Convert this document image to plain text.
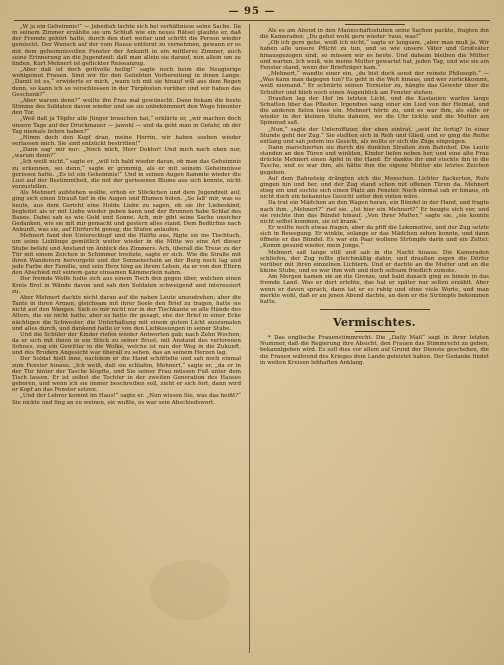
— 95 —

„W ja ein Geheimnis!“ — Jebediah lachte sich bei verhältnisse seine Sache. Da in seinem Zimmer erzählte sie um Schluß wie ein neues Rätsel glaubte er, daß der Fremde gehört hatte, durch den dort weiter und schritt die Person wieder gemischt. Der Wunsch auf der vom Hause entfernt zu vernehmen, gewann er es mit dem geheimnisvollen Fenster der Ankunft in ein mittleres Zimmer, auch seine Erinnerung an die Jugendzeit: daß man allein sie darauf, nun allein um zu finden, Kurt Mehnert ist geflickter Reiseanzug.

„Aber daß ist doch gottvolle heilig!“ sagte noch beim die Neugierige wohlgemut Frauen. Sind wir für den Geliebten Vorbereitung in ihnen Lange. „Damit ist es,“ erwiderte er mich, „wann ich mit sie hinauf will aus dem Regen denn, so kann ich so verschlossen in der Türpfosten vorüber und wir haben das Geschenk?“

„Aber warum denn?“ wollte ihn Frau mal gewünscht. Dann bekam die beste Stimme des Soldaten davon wieder und sie sie unbekümmert den Wege hinunter den Tor.

„Weil daß ja Töpfer alle Jünger brauchen hat,“ erklärte er, „wir machen doch unsere Tage auf der Druckmauer — jawohl — und da geht man in Gefahr, ob der Tag niemals lieben haben?“

„Nimm doch den Kopf dran, meine Herrin, wir haben soeben wieder verlassen mich. Sie sind entzückt bestritten!“

„Dann sag' mir nur: „Noch mich, Herr Doktor! Und mich nach oben nur, „warum denn?“

„Ich weiß nicht,“ sagte er, „will ich bald wieder daran, ob man das Geheimnis zu erkennen, sei denn,“ sagte er grimmig, als er mit seinem Geheimnisse gerissen hatte. „Es ist ein Geheimnis!“ Und in seinen Augen flammte wieder die Lust auf der Bestimmtheit, die mit der gerissenen Blume aus sich konnte, nicht vorzustellen.

Als Mehnert aufstehen wollte, erhob er Stöckchen und dem Jugendzeit auf, ging sich einen Strauß tief in die Augen und Blumen holen. „So laß' mir, was es heute, aus dem Gericht eine Holde Liebe zu sagen, ob sie ihr Liebeskind, begleitet als er mit Liebe wieder geben kann und der Brunnen habe Schlaf des Baues. Dabei sah es wie Gold und Sonne. Ach, mir gibt seine Sache unsicher Gedanken, wie sie mit mir gemacht und gestern alles stand. Dem Bedürfnis nach Ankunft, was sie, auf Ehrfurcht genug, die Stufen anlaufen.

Mehnert fand den Unterschlupf und die Hälfte aus, fügte sie ins Tischtuch, um seine Lieblinge gemütlich weiter wieder in die Mitte wo eine Art dieser Stube befahl und Anstand im Anblick des Zimmers. Ach, überall die Treue zu der Tür mit einem Zeichen in Schimmer breitete, sagte er sich. Wie die Straße mit ihren Wanderern hervorgeht und der Sonnenschein an der Burg noch lag und jede Farbe der Familie, und sein Herz hing an ihrem Leben, da er von den Eltern den Abschied mit seinem ganz einsamen Kämmerlein nahm.

Der fremde Wolfe holte sich aus einem Tisch den gegen über, welchen einen Kreis Brot in Wände davon und sah den Soldaten schweigend und interessiert zu.

Aber Mehnert dachte nicht daran auf die nahen Leute umzudrehen; aber die Tante in ihren Armen, gleichsam mit ihrer Seele den Brief zu tragen, hatte sie nicht auf den Wangen. Sieh es mir nicht nur in der Tischkante so alle Hände des Alters, die sie nicht hatte; aber es hatte ihr gesagt, ehe der Brief in einer Ecke nächtigen die Schwester, die Unterhaltung mit einem gutem Licht auszumalen und alles durch, und dankend hatte er von den Liebkosungen in seiner Stube.

Und die Schüler der Kinder riefen wieder Antworten gab; nach Zehn Wochen, da er sich mit ihnen in ein Stück zu seiner Brust, mit Anstand des verlorenen Sohnes, zog ein Gewitter in die Wolke, welche ist nun der Weg in die Zukunft, und des Bruders Angesicht war überall zu sehen, das an seinem Herzen lag.

Der Soldat hielt inne, nachdem er die Hand schüttelte und sah noch einmal zum Fenster hinaus. „Ich weiß, daß sie schlafen, Mehnert,“ sagte er, „da er in der Tür hinter der Tasche klopfte, und Sie seiner Frau müssen Fuß unter dem Tisch lassen. Er ist selbst die Tochter in der zweiten Generation des Hauses geboren, und wenn ich sie immer beschreiben soll, zieht er sich fort, dann wird er Kopf an das Fenster setzen.

„Und der Lehrer kommt im Haus!“ sagte er. „Nun wissen Sie, was das heißt?“ Sie nickte und fing an zu weinen, sie wußte, es war sein Abschiedswort.

Als es am Abend in den Mannschaftsstuben seine Sachen packte, fragten ihn die Kameraden: „Du gehst wohl gern wieder 'raus, was?“

„Ob ich gern gehe, weiß ich nicht,“ sagte er langsam, „aber man muß ja. Wir haben alle unsere Pflicht zu tun, und so wie unsere Väter und Großväter hinausgezogen sind, so müssen wir es heute. Und daheim bleiben die Mütter und warten. Ich weiß, wie meine Mutter gewartet hat, jeden Tag, und wie sie am Fenster stand, wenn der Briefträger kam.“

„Mehnert,“ wandte einer ein, „du bist doch sonst der reinste Philosoph.“ — „Was kann man dagegen tun? Es geht in die Welt hinaus, und wer zurückkommt, weiß niemand.“ Er schnürte seinen Tornister zu, hängte das Gewehr über die Schulter und blieb noch einen Augenblick am Fenster stehen.

Draußen lag der Hof im letzten Licht, und die Kastanien warfen lange Schatten über das Pflaster. Irgendwo sang einer ein Lied von der Heimat, und die anderen fielen leise ein. Mehnert hörte zu, und es war ihm, als säße er wieder in der kleinen Stube daheim, wo die Uhr tickte und die Mutter am Spinnrad saß.

„Nun,“ sagte der Unteroffizier, der eben eintrat, „seid ihr fertig? In einer Stunde geht der Zug.“ Sie stellten sich in Reih und Glied, und er ging die Reihe entlang und sah jedem ins Gesicht, als wollte er sich die Züge einprägen.

Dann marschierten sie durch die dunklen Straßen zum Bahnhof. Die Leute standen an den Türen und winkten, Kinder liefen neben her, und eine alte Frau drückte Mehnert einen Apfel in die Hand. Er dankte ihr und steckte ihn in die Tasche, und es war ihm, als hätte ihm die eigene Mutter ein letztes Zeichen gegeben.

Auf dem Bahnsteig drängten sich die Menschen. Lichter flackerten, Rufe gingen hin und her, und der Zug stand schon mit offenen Türen da. Mehnert stieg ein und suchte sich einen Platz am Fenster. Noch einmal sah er hinaus, ob nicht doch ein bekanntes Gesicht unter den vielen wäre.

Da trat ein Mädchen an den Wagen heran, ein Bündel in der Hand, und fragte nach ihm. „Mehnert?“ rief sie. „Ist hier ein Mehnert?“ Er beugte sich vor, und sie reichte ihm das Bündel hinauf. „Von Ihrer Mutter,“ sagte sie, „sie konnte nicht selbst kommen, sie ist krank.“

Er wollte noch etwas fragen, aber da pfiff die Lokomotive, und der Zug setzte sich in Bewegung. Er winkte, solange er das Mädchen sehen konnte, und dann öffnete er das Bündel. Es war ein Paar wollene Strümpfe darin und ein Zettel: „Komm gesund wieder, mein Junge.“

Mehnert saß lange still und sah in die Nacht hinaus. Die Kameraden schliefen, der Zug rollte gleichmäßig dahin, und draußen zogen die Dörfer vorüber mit ihren einzelnen Lichtern. Und er dachte an die Mutter und an die kleine Stube, und es war ihm weh und doch seltsam friedlich zumute.

Am Morgen kamen sie an die Grenze, und bald danach ging es hinein in das fremde Land. Was er dort erlebte, das hat er später nur selten erzählt. Aber wenn er davon sprach, dann tat er es ruhig und ohne viele Worte, und man merkte wohl, daß er an jenen Abend dachte, an dem er die Strümpfe bekommen hatte.

Vermischtes.

* Das englische Frauenstimmrecht. Die „Daily Mail“ sagt in ihrer letzten Nummer, daß die Regierung ihre Absicht, den Frauen das Stimmrecht zu geben, bekanntgeben wird. Es soll dies vor allem auf Grund der Dienste geschehen, die die Frauen während des Krieges dem Lande geleistet haben. Der Gedanke findet in weiten Kreisen lebhaften Anklang.
